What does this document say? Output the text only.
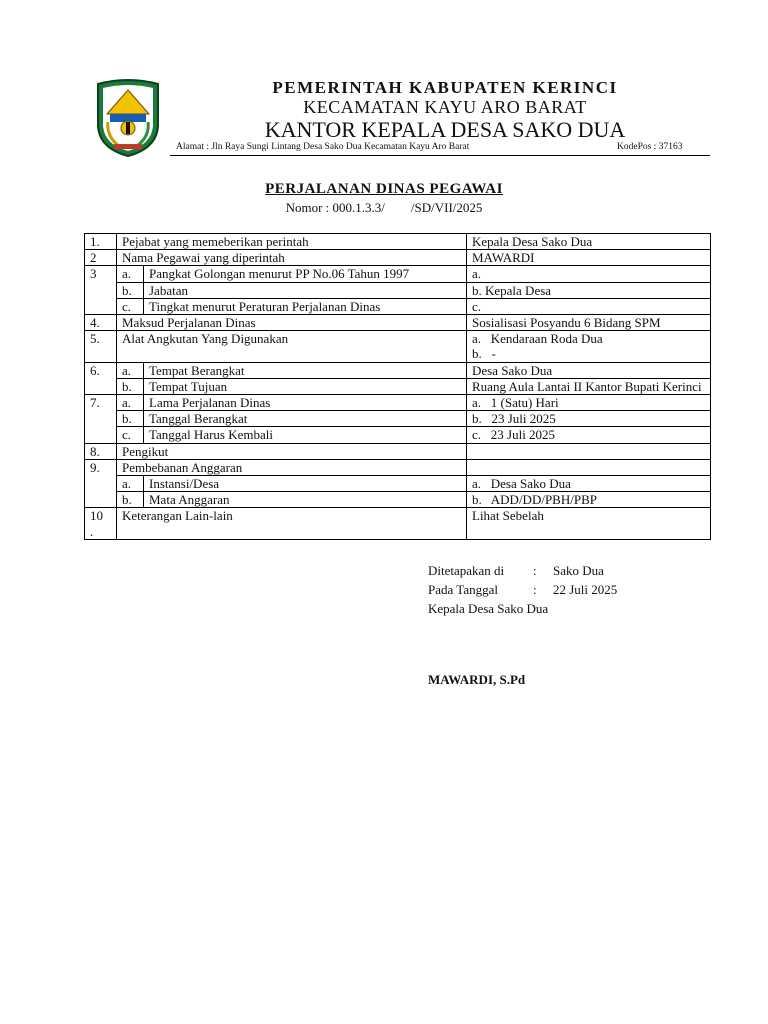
PEMERINTAH KABUPATEN KERINCI
KECAMATAN KAYU ARO BARAT
KANTOR KEPALA DESA SAKO DUA
Alamat : Jln Raya Sungi Lintang Desa Sako Dua Kecamatan Kayu Aro Barat	KodePos : 37163
PERJALANAN DINAS PEGAWAI
Nomor : 000.1.3.3/        /SD/VII/2025
1.	Pejabat yang memeberikan perintah		Kepala Desa Sako Dua

2	Nama Pegawai yang diperintah		MAWARDI

3	a.	Pangkat Golongan menurut PP No.06 Tahun 1997	a.

	b.	Jabatan	b. Kepala Desa

	c.	Tingkat menurut Peraturan Perjalanan Dinas	c.

4.	Maksud Perjalanan Dinas		Sosialisasi Posyandu 6 Bidang SPM

5.	Alat Angkutan Yang Digunakan		a.   Kendaraan Roda Dua
b.   -

6.	a.	Tempat Berangkat	Desa Sako Dua

	b.	Tempat Tujuan	Ruang Aula Lantai II Kantor Bupati Kerinci

7.	a.	Lama Perjalanan Dinas	a.   1 (Satu) Hari

	b.	Tanggal Berangkat	b.   23 Juli 2025

	c.	Tanggal Harus Kembali	c.   23 Juli 2025

8.	Pengikut		

9.	Pembebanan Anggaran		

	a.	Instansi/Desa	a.   Desa Sako Dua

	b.	Mata Anggaran	b.   ADD/DD/PBH/PBP

10
.	Keterangan Lain-lain		Lihat Sebelah
Ditetapakan di	:	Sako Dua
Pada Tanggal	:	22 Juli 2025
Kepala Desa Sako Dua
MAWARDI, S.Pd
